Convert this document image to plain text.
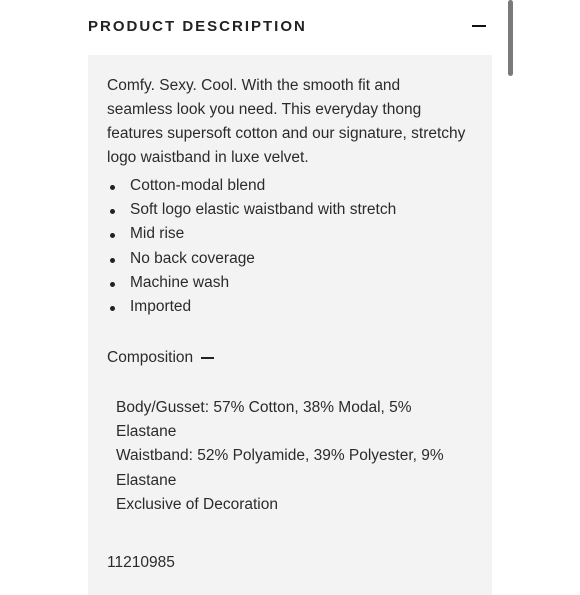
PRODUCT DESCRIPTION

Comfy. Sexy. Cool. With the smooth fit and seamless look you need. This everyday thong features supersoft cotton and our signature, stretchy logo waistband in luxe velvet.

Cotton-modal blend
Soft logo elastic waistband with stretch
Mid rise
No back coverage
Machine wash
Imported
Composition
Body/Gusset: 57% Cotton, 38% Modal, 5% Elastane
Waistband: 52% Polyamide, 39% Polyester, 9% Elastane
Exclusive of Decoration
11210985
